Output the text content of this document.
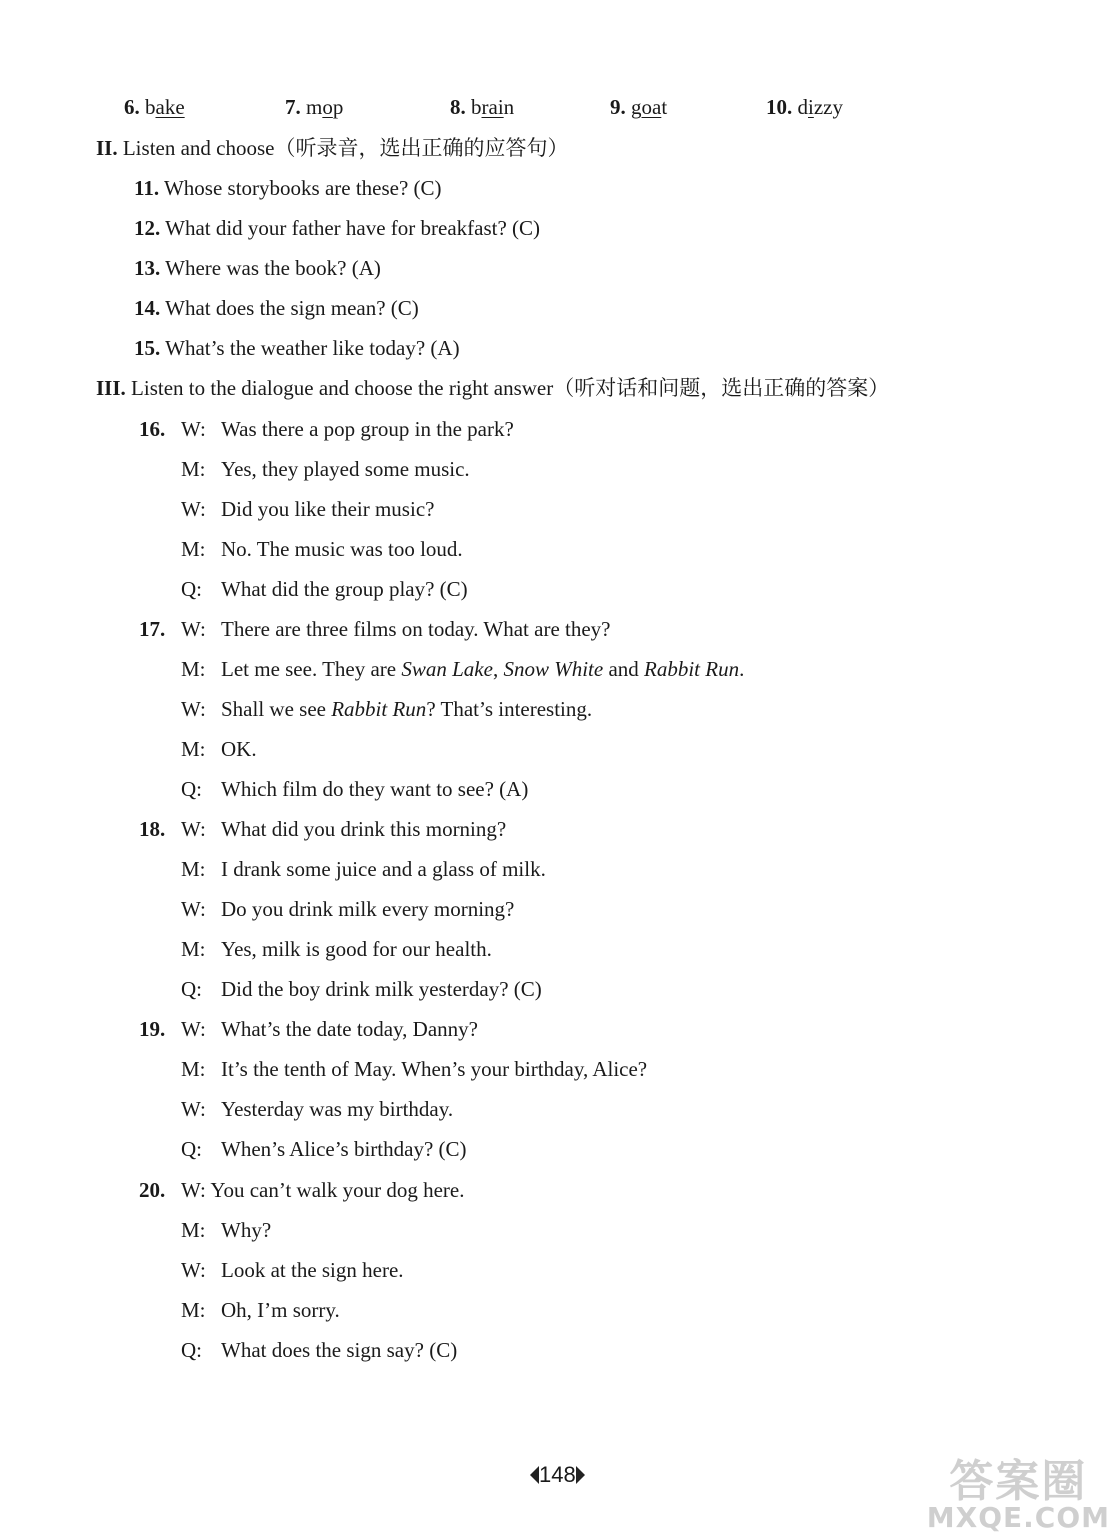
6. bake	7. mop	8. brain	9. goat	10. dizzy
II. Listen and choose（听录音，选出正确的应答句）
11. Whose storybooks are these? (C)
12. What did your father have for breakfast? (C)
13. Where was the book? (A)
14. What does the sign mean? (C)
15. What’s the weather like today? (A)
III. Listen to the dialogue and choose the right answer（听对话和问题，选出正确的答案）
16. W: Was there a pop group in the park?
M: Yes, they played some music.
W: Did you like their music?
M: No. The music was too loud.
Q: What did the group play? (C)
17. W: There are three films on today. What are they?
M: Let me see. They are Swan Lake, Snow White and Rabbit Run.
W: Shall we see Rabbit Run? That’s interesting.
M: OK.
Q: Which film do they want to see? (A)
18. W: What did you drink this morning?
M: I drank some juice and a glass of milk.
W: Do you drink milk every morning?
M: Yes, milk is good for our health.
Q: Did the boy drink milk yesterday? (C)
19. W: What’s the date today, Danny?
M: It’s the tenth of May. When’s your birthday, Alice?
W: Yesterday was my birthday.
Q: When’s Alice’s birthday? (C)
20. W: You can’t walk your dog here.
M: Why?
W: Look at the sign here.
M: Oh, I’m sorry.
Q: What does the sign say? (C)
148	答案圈
MXQE.COM
